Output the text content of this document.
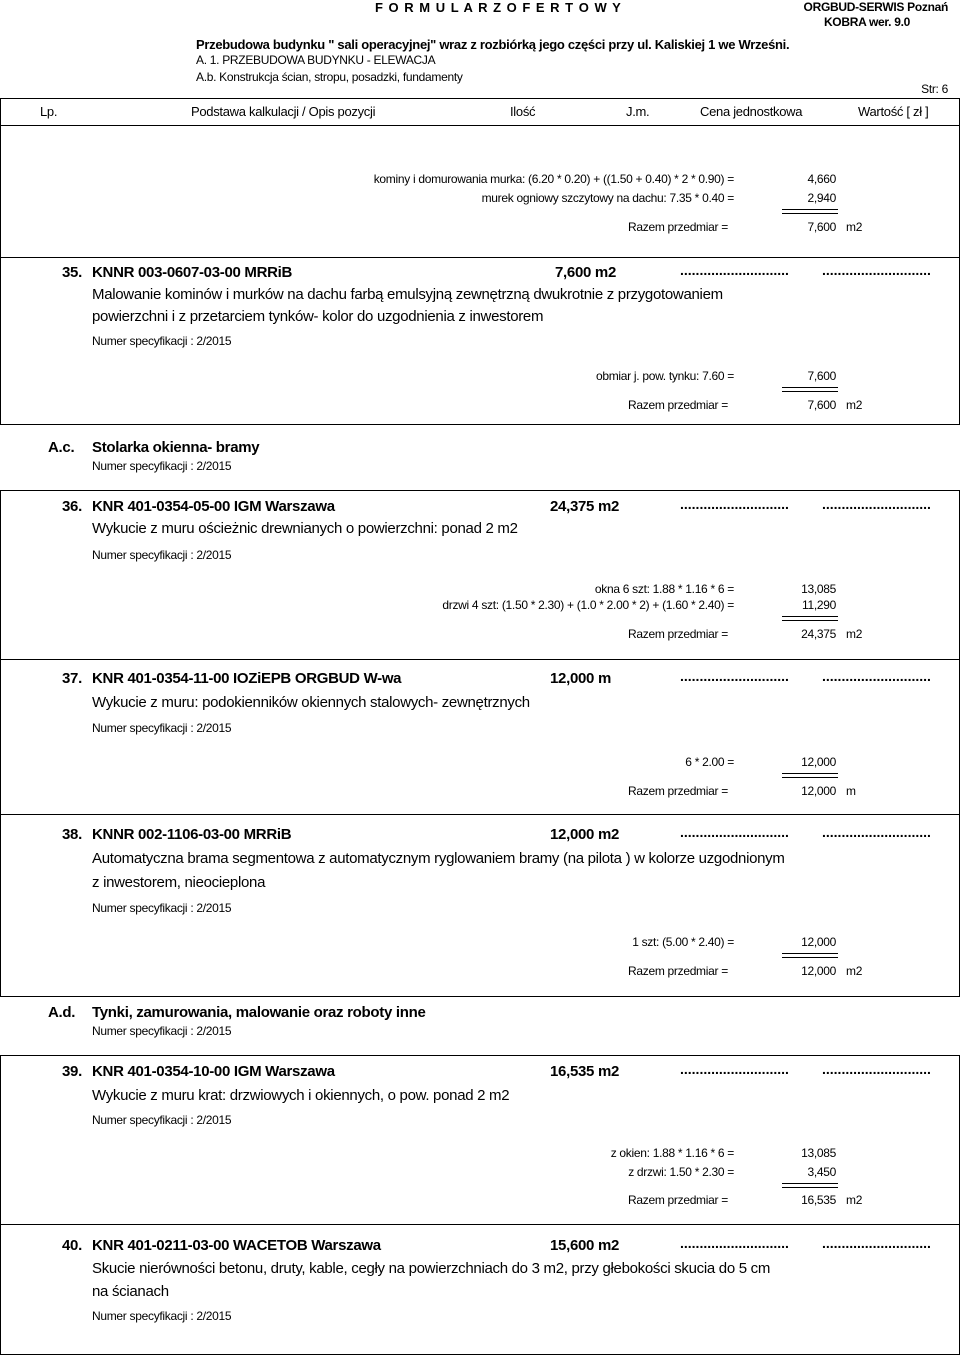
F O R M U L A R Z O F E R T O W Y	ORGBUD-SERWIS Poznań
KOBRA wer. 9.0
Przebudowa budynku " sali operacyjnej" wraz z rozbiórką jego części przy ul. Kaliskiej 1 we Wrześni.
A. 1. PRZEBUDOWA BUDYNKU - ELEWACJA
A.b. Konstrukcja ścian, stropu, posadzki, fundamenty
Str: 6
Lp.	Podstawa kalkulacji / Opis pozycji	Ilość	J.m.	Cena jednostkowa	Wartość [ zł ]
kominy i domurowania murka: (6.20 * 0.20) + ((1.50 + 0.40) * 2 * 0.90) =	4,660
murek ogniowy szczytowy na dachu: 7.35 * 0.40 =	2,940
Razem przedmiar =	7,600 m2
35. KNNR 003-0607-03-00 MRRiB	7,600 m2	............................ ............................
Malowanie kominów i murków na dachu farbą emulsyjną zewnętrzną dwukrotnie z przygotowaniem
powierzchni i z przetarciem tynków- kolor do uzgodnienia z inwestorem
Numer specyfikacji : 2/2015
obmiar j. pow. tynku: 7.60 =	7,600
Razem przedmiar =	7,600 m2
A.c. Stolarka okienna- bramy
Numer specyfikacji : 2/2015
36. KNR 401-0354-05-00 IGM Warszawa	24,375 m2	............................ ............................
Wykucie z muru ościeżnic drewnianych o powierzchni: ponad 2 m2
Numer specyfikacji : 2/2015
okna 6 szt: 1.88 * 1.16 * 6 =	13,085
drzwi 4 szt: (1.50 * 2.30) + (1.0 * 2.00 * 2) + (1.60 * 2.40) =	11,290
Razem przedmiar =	24,375 m2
37. KNR 401-0354-11-00 IOZiEPB ORGBUD W-wa	12,000 m	............................ ............................
Wykucie z muru: podokienników okiennych stalowych- zewnętrznych
Numer specyfikacji : 2/2015
6 * 2.00 =	12,000
Razem przedmiar =	12,000 m
38. KNNR 002-1106-03-00 MRRiB	12,000 m2	............................ ............................
Automatyczna brama segmentowa z automatycznym ryglowaniem bramy (na pilota ) w kolorze uzgodnionym
z inwestorem, nieocieplona
Numer specyfikacji : 2/2015
1 szt: (5.00 * 2.40) =	12,000
Razem przedmiar =	12,000 m2
A.d. Tynki, zamurowania, malowanie oraz roboty inne
Numer specyfikacji : 2/2015
39. KNR 401-0354-10-00 IGM Warszawa	16,535 m2	............................ ............................
Wykucie z muru krat: drzwiowych i okiennych, o pow. ponad 2 m2
Numer specyfikacji : 2/2015
z okien: 1.88 * 1.16 * 6 =	13,085
z drzwi: 1.50 * 2.30 =	3,450
Razem przedmiar =	16,535 m2
40. KNR 401-0211-03-00 WACETOB Warszawa	15,600 m2	............................ ............................
Skucie nierówności betonu, druty, kable, cegły na powierzchniach do 3 m2, przy głebokości skucia do 5 cm
na ścianach
Numer specyfikacji : 2/2015
